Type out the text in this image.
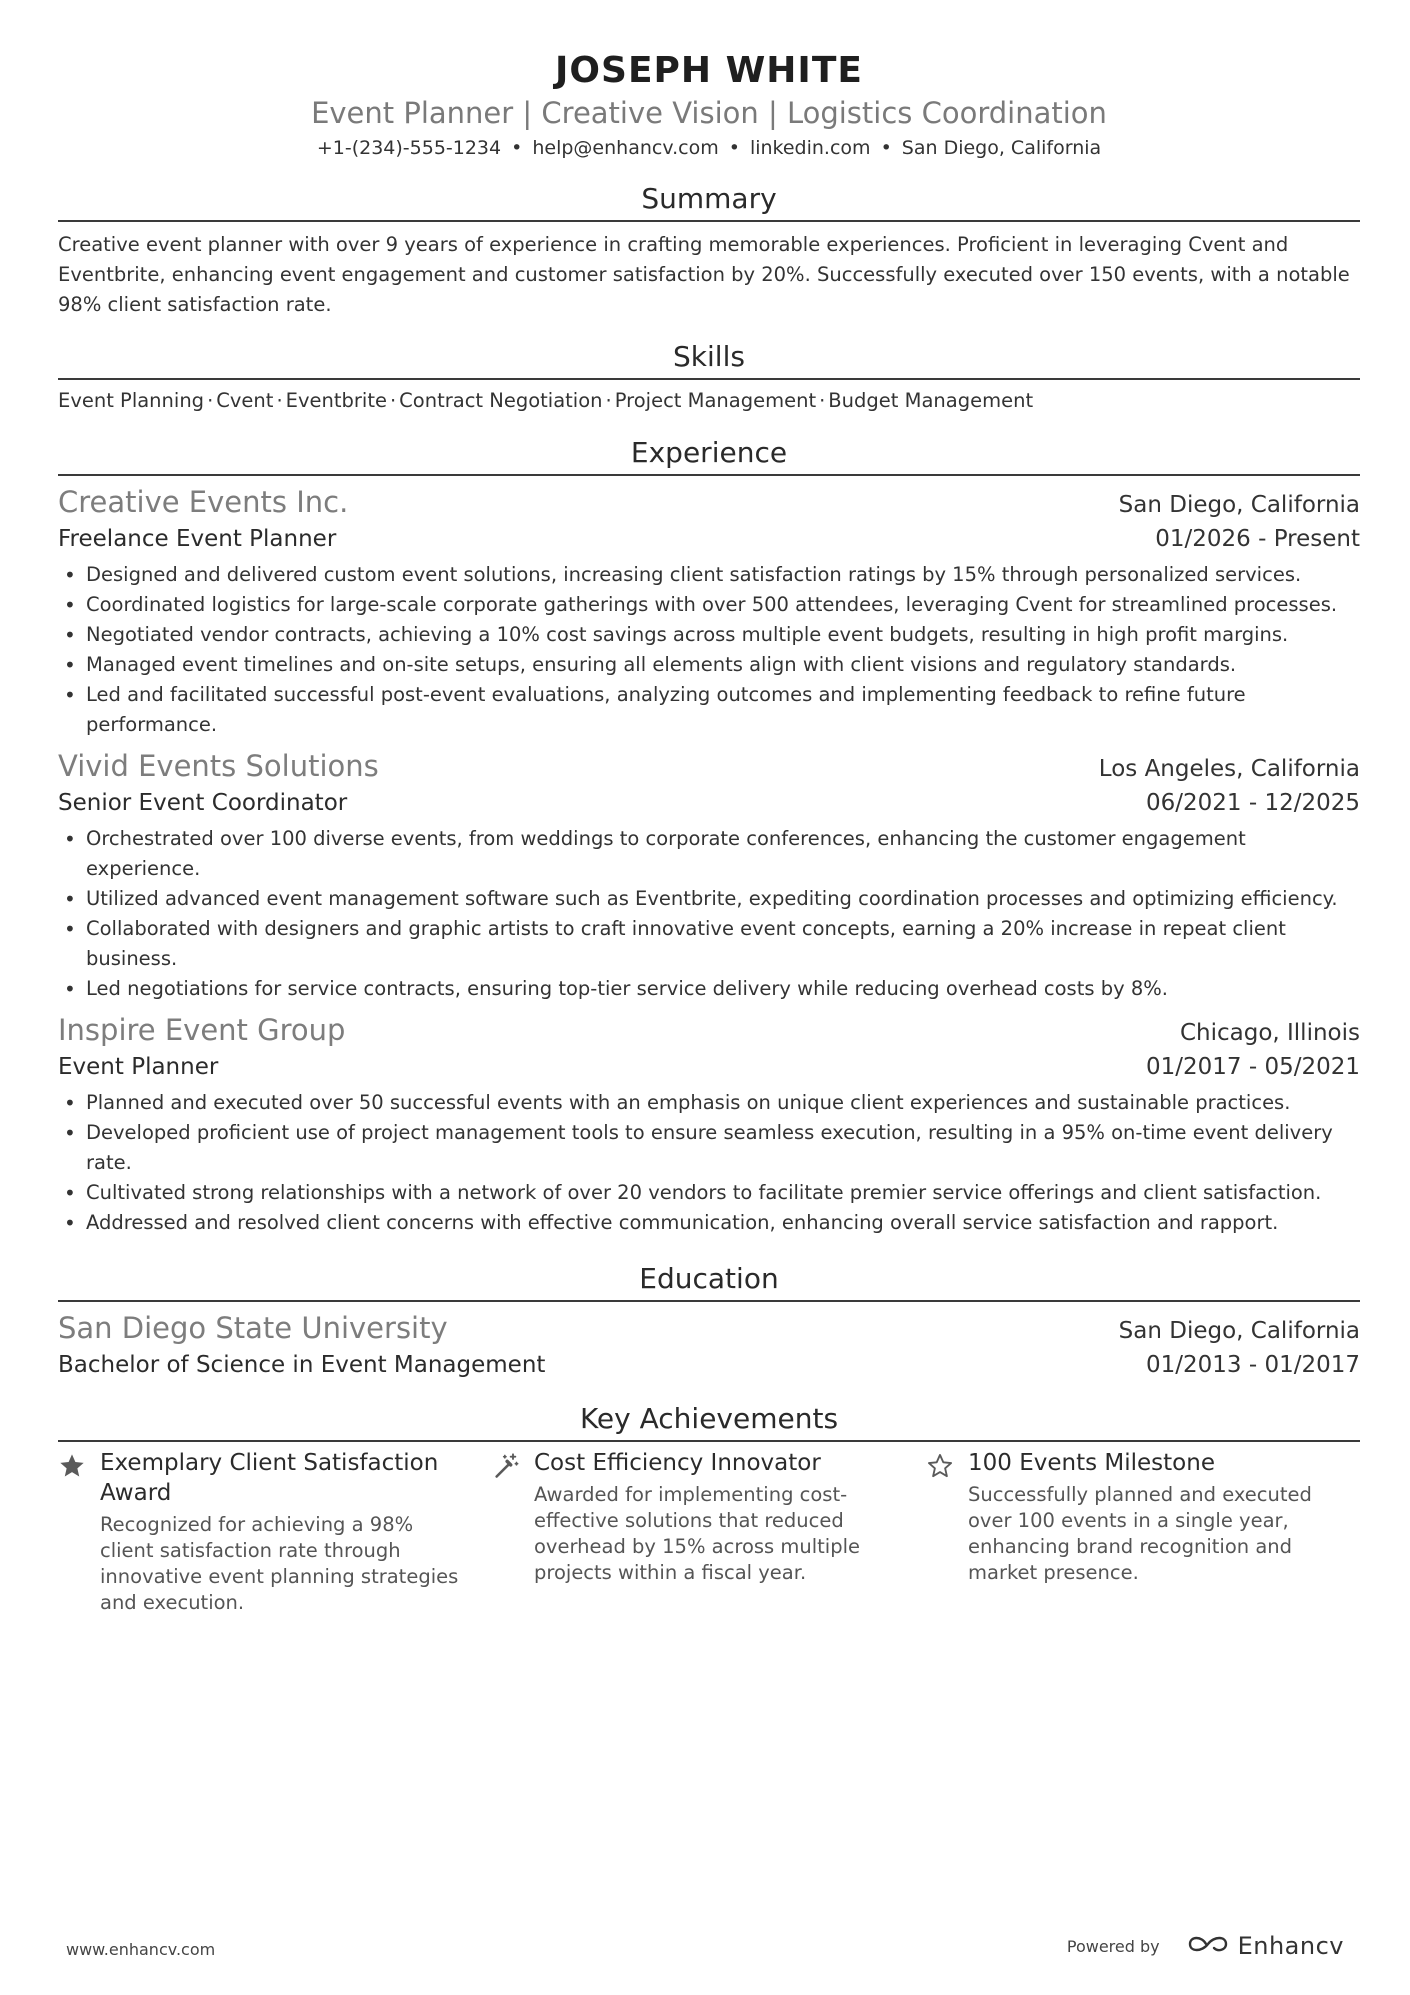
JOSEPH WHITE
Event Planner | Creative Vision | Logistics Coordination
+1-(234)-555-1234 • help@enhancv.com • linkedin.com • San Diego, California
Summary
Creative event planner with over 9 years of experience in crafting memorable experiences. Proficient in leveraging Cvent and Eventbrite, enhancing event engagement and customer satisfaction by 20%. Successfully executed over 150 events, with a notable 98% client satisfaction rate.
Skills
Event Planning · Cvent · Eventbrite · Contract Negotiation · Project Management · Budget Management
Experience
Creative Events Inc.	San Diego, California
Freelance Event Planner	01/2026 - Present
• Designed and delivered custom event solutions, increasing client satisfaction ratings by 15% through personalized services.
• Coordinated logistics for large-scale corporate gatherings with over 500 attendees, leveraging Cvent for streamlined processes.
• Negotiated vendor contracts, achieving a 10% cost savings across multiple event budgets, resulting in high profit margins.
• Managed event timelines and on-site setups, ensuring all elements align with client visions and regulatory standards.
• Led and facilitated successful post-event evaluations, analyzing outcomes and implementing feedback to refine future performance.
Vivid Events Solutions	Los Angeles, California
Senior Event Coordinator	06/2021 - 12/2025
• Orchestrated over 100 diverse events, from weddings to corporate conferences, enhancing the customer engagement experience.
• Utilized advanced event management software such as Eventbrite, expediting coordination processes and optimizing efficiency.
• Collaborated with designers and graphic artists to craft innovative event concepts, earning a 20% increase in repeat client business.
• Led negotiations for service contracts, ensuring top-tier service delivery while reducing overhead costs by 8%.
Inspire Event Group	Chicago, Illinois
Event Planner	01/2017 - 05/2021
• Planned and executed over 50 successful events with an emphasis on unique client experiences and sustainable practices.
• Developed proficient use of project management tools to ensure seamless execution, resulting in a 95% on-time event delivery rate.
• Cultivated strong relationships with a network of over 20 vendors to facilitate premier service offerings and client satisfaction.
• Addressed and resolved client concerns with effective communication, enhancing overall service satisfaction and rapport.
Education
San Diego State University	San Diego, California
Bachelor of Science in Event Management	01/2013 - 01/2017
Key Achievements
Exemplary Client Satisfaction Award
Recognized for achieving a 98% client satisfaction rate through innovative event planning strategies and execution.
Cost Efficiency Innovator
Awarded for implementing cost-effective solutions that reduced overhead by 15% across multiple projects within a fiscal year.
100 Events Milestone
Successfully planned and executed over 100 events in a single year, enhancing brand recognition and market presence.
www.enhancv.com	Powered by	Enhancv
